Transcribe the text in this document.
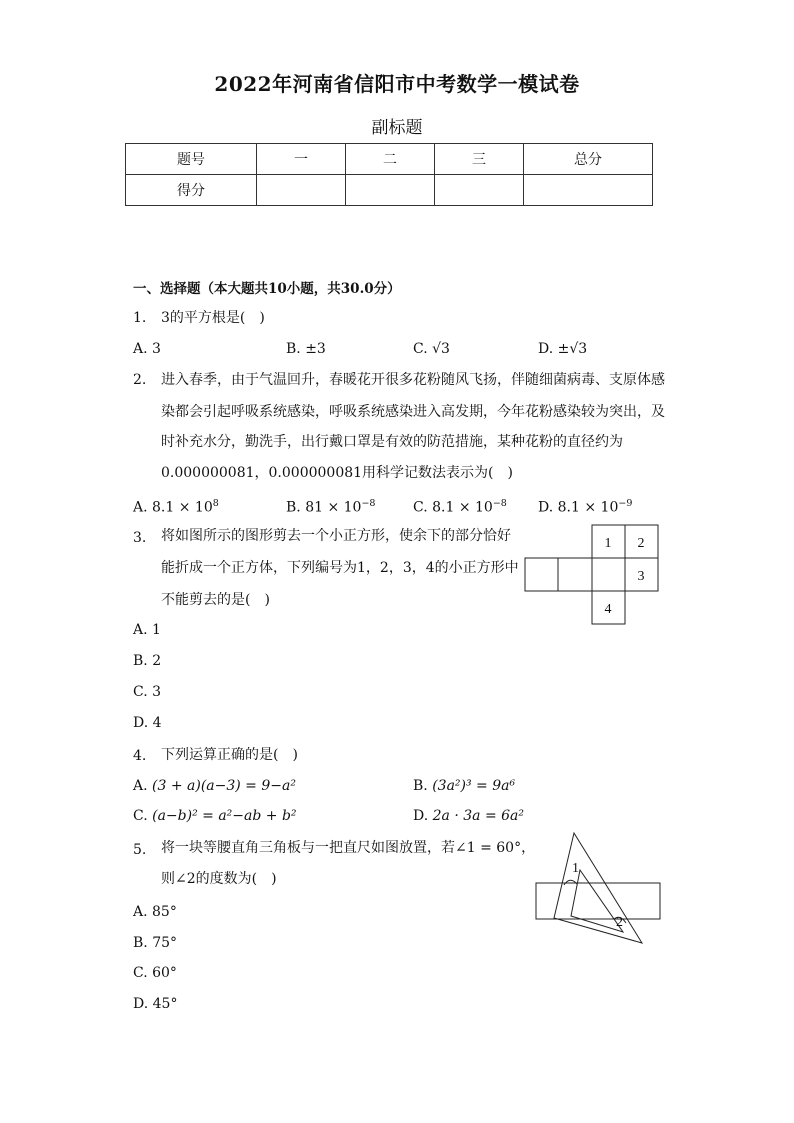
2022年河南省信阳市中考数学一模试卷
副标题
题号	一	二	三	总分
得分				
一、选择题（本大题共10小题，共30.0分）
1. 3的平方根是(　)
A. 3	B. ±3	C. √3	D. ±√3
2. 进入春季，由于气温回升，春暖花开很多花粉随风飞扬，伴随细菌病毒、支原体感
染都会引起呼吸系统感染，呼吸系统感染进入高发期，今年花粉感染较为突出，及
时补充水分，勤洗手，出行戴口罩是有效的防范措施，某种花粉的直径约为
0.000000081，0.000000081用科学记数法表示为(　)
A. $8.1 \times 10^8$	B. $81 \times 10^{-8}$	C. $8.1 \times 10^{-8}$ D. $8.1 \times 10^{-9}$
3. 将如图所示的图形剪去一个小正方形，使余下的部分恰好
能折成一个正方体，下列编号为1，2，3，4的小正方形中
不能剪去的是(　)
1 2
3
4
A. 1
B. 2
C. 3
D. 4
4. 下列运算正确的是(　)
A. (3 + a)(a−3) = 9−a²	B. (3a²)³ = 9a⁶
C. (a−b)² = a²−ab + b²	D. 2a · 3a = 6a²
5. 将一块等腰直角三角板与一把直尺如图放置，若∠1 = 60°，
则∠2的度数为(　)
1
2
A. 85°
B. 75°
C. 60°
D. 45°
